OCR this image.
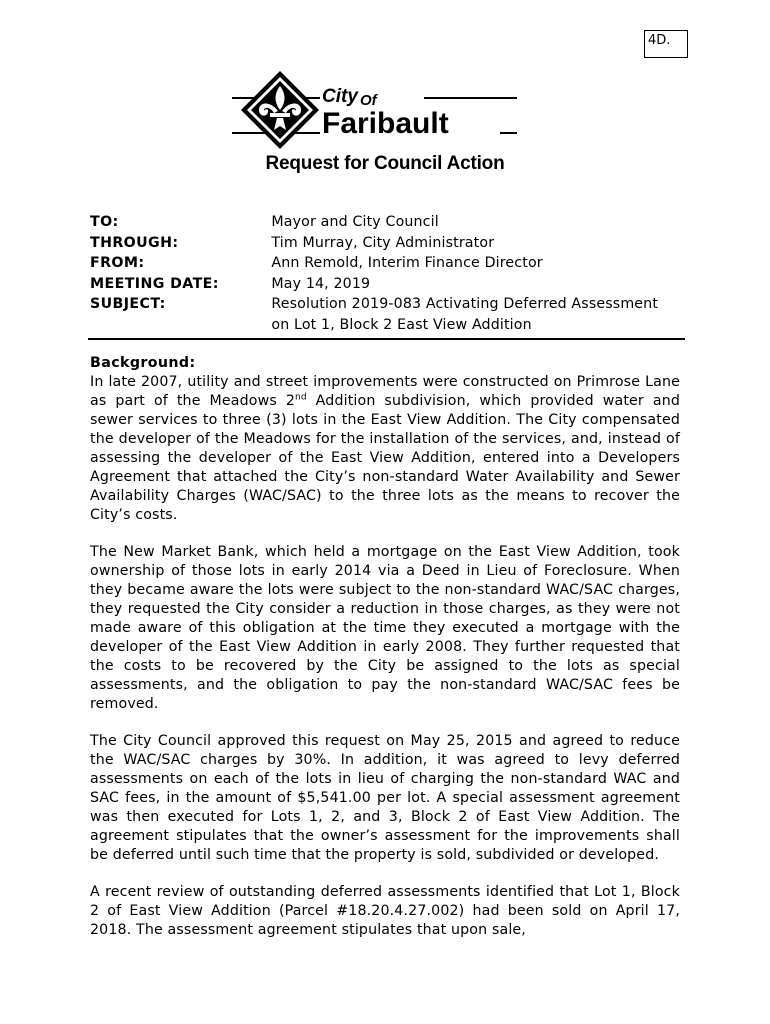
4D.
City Of
Faribault
Request for Council Action
TO:	Mayor and City Council
THROUGH:	Tim Murray, City Administrator
FROM:	Ann Remold, Interim Finance Director
MEETING DATE:	May 14, 2019
SUBJECT:	Resolution 2019-083 Activating Deferred Assessment
on Lot 1, Block 2 East View Addition
Background:

In late 2007, utility and street improvements were constructed on Primrose Lane as part of the Meadows 2nd Addition subdivision, which provided water and sewer services to three (3) lots in the East View Addition. The City compensated the developer of the Meadows for the installation of the services, and, instead of assessing the developer of the East View Addition, entered into a Developers Agreement that attached the City’s non-standard Water Availability and Sewer Availability Charges (WAC/SAC) to the three lots as the means to recover the City’s costs.

The New Market Bank, which held a mortgage on the East View Addition, took ownership of those lots in early 2014 via a Deed in Lieu of Foreclosure. When they became aware the lots were subject to the non-standard WAC/SAC charges, they requested the City consider a reduction in those charges, as they were not made aware of this obligation at the time they executed a mortgage with the developer of the East View Addition in early 2008. They further requested that the costs to be recovered by the City be assigned to the lots as special assessments, and the obligation to pay the non-standard WAC/SAC fees be removed.

The City Council approved this request on May 25, 2015 and agreed to reduce the WAC/SAC charges by 30%. In addition, it was agreed to levy deferred assessments on each of the lots in lieu of charging the non-standard WAC and SAC fees, in the amount of $5,541.00 per lot. A special assessment agreement was then executed for Lots 1, 2, and 3, Block 2 of East View Addition. The agreement stipulates that the owner’s assessment for the improvements shall be deferred until such time that the property is sold, subdivided or developed.

A recent review of outstanding deferred assessments identified that Lot 1, Block 2 of East View Addition (Parcel #18.20.4.27.002) had been sold on April 17, 2018. The assessment agreement stipulates that upon sale,
